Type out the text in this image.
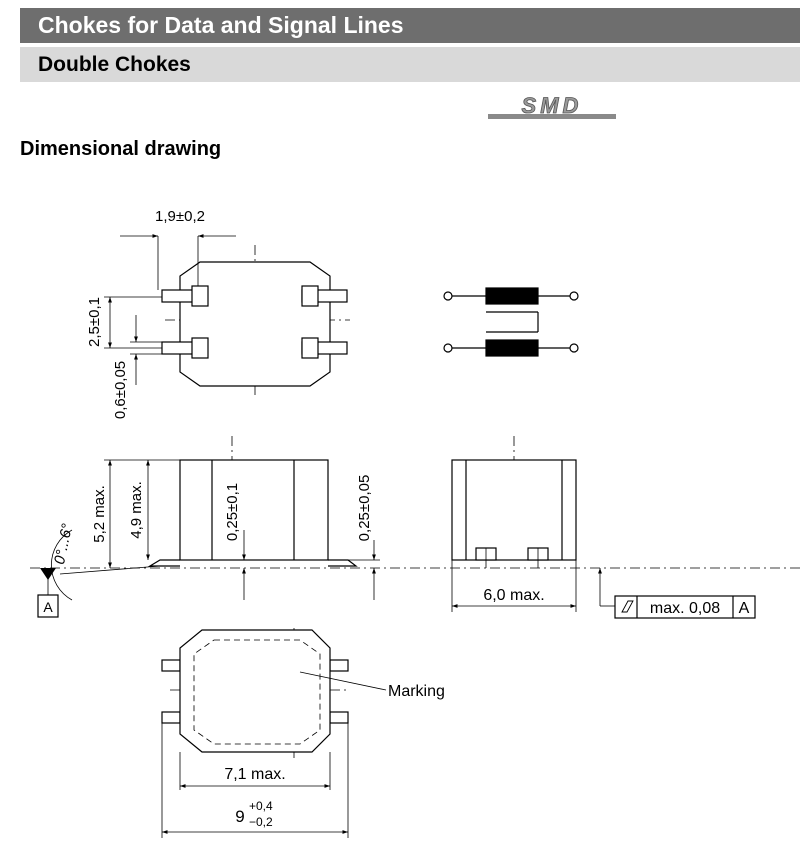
Chokes for Data and Signal Lines
Double Chokes
SMD
Dimensional drawing
1,9±0,2
2,5±0,1
0,6±0,05
A
0°...6°
5,2 max. 4,9 max.	0,25±0,1	0,25±0,05
6,0 max.
max. 0,08 A
Marking
7,1 max.
9
+0,4
−0,2
